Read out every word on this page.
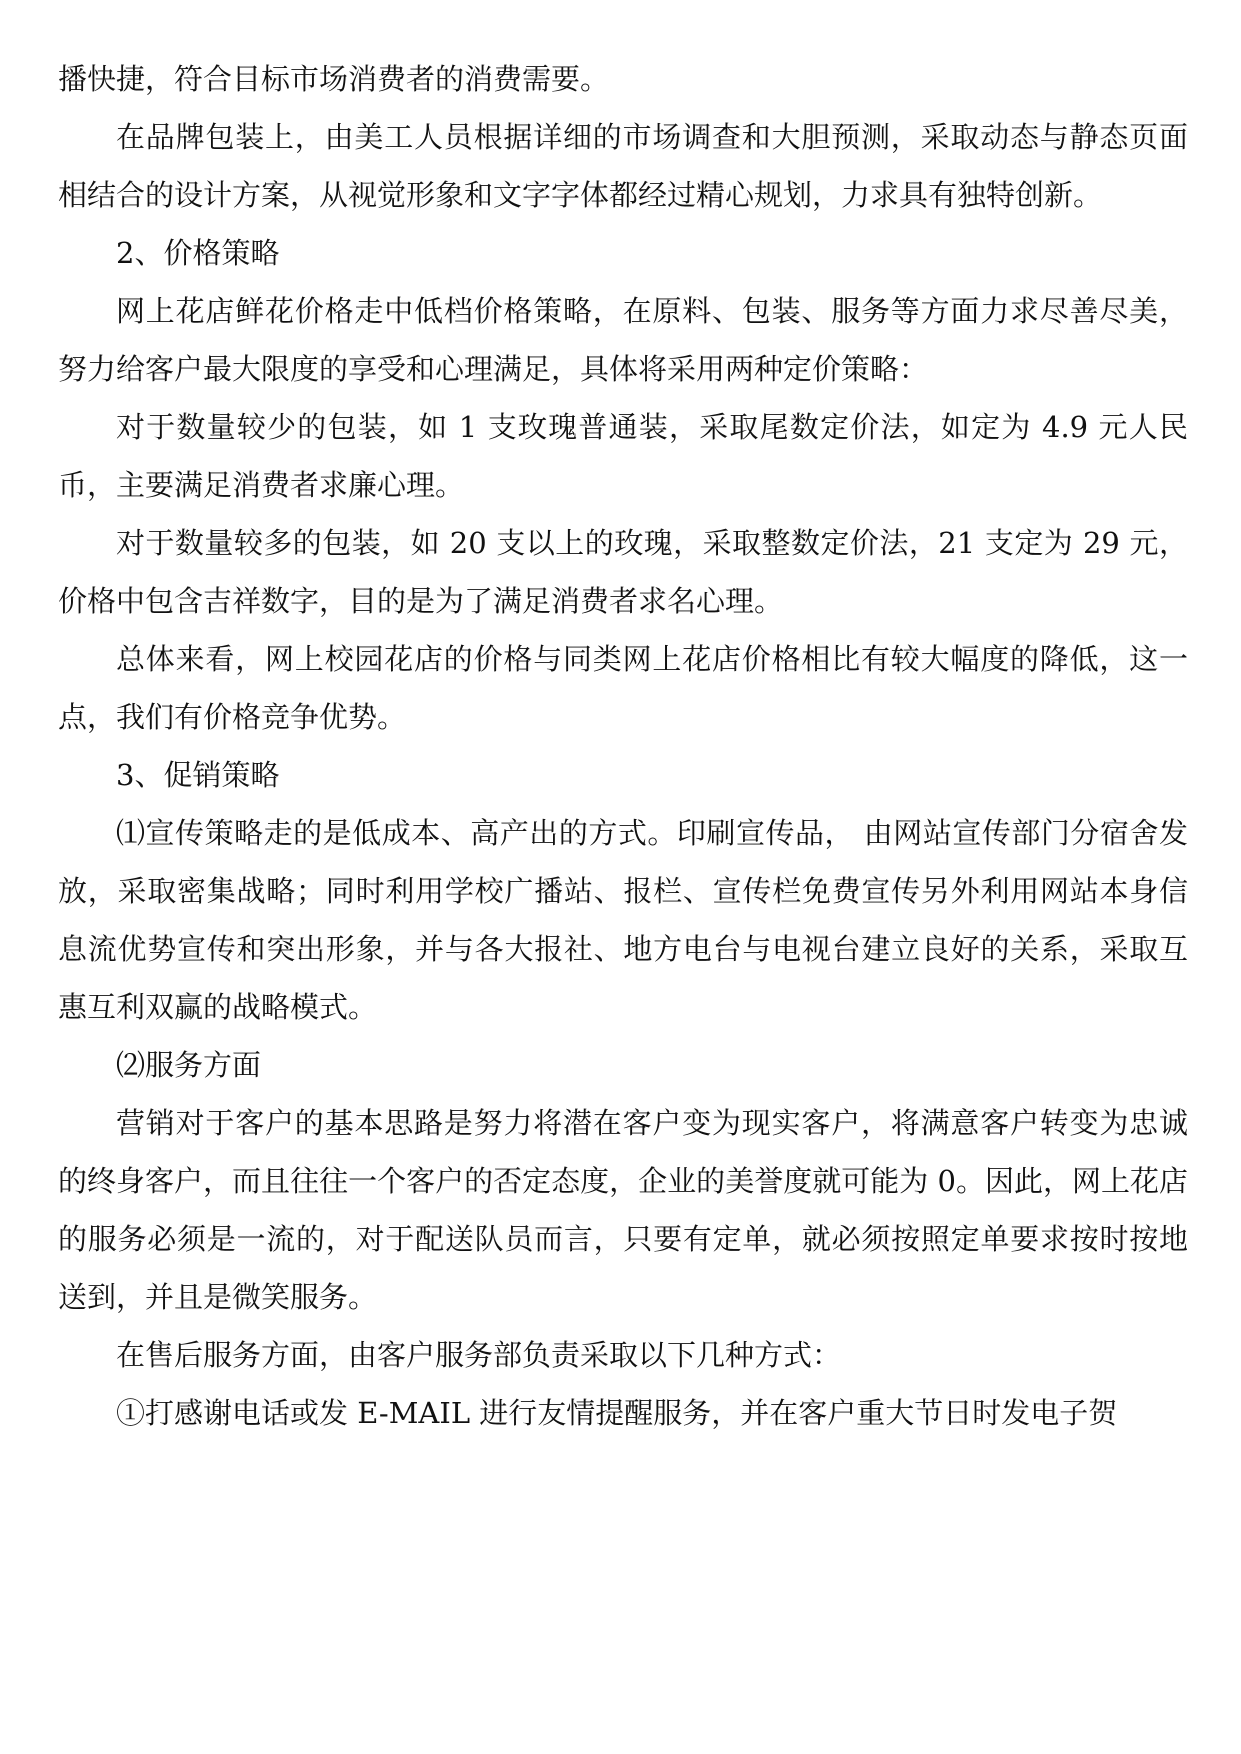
播快捷，符合目标市场消费者的消费需要。

在品牌包装上，由美工人员根据详细的市场调查和大胆预测，采取动态与静态页面相结合的设计方案，从视觉形象和文字字体都经过精心规划，力求具有独特创新。

2、价格策略

网上花店鲜花价格走中低档价格策略，在原料、包装、服务等方面力求尽善尽美，努力给客户最大限度的享受和心理满足，具体将采用两种定价策略：

对于数量较少的包装，如 1 支玫瑰普通装，采取尾数定价法，如定为 4.9 元人民币，主要满足消费者求廉心理。

对于数量较多的包装，如 20 支以上的玫瑰，采取整数定价法，21 支定为 29 元，价格中包含吉祥数字，目的是为了满足消费者求名心理。

总体来看，网上校园花店的价格与同类网上花店价格相比有较大幅度的降低，这一点，我们有价格竞争优势。

3、促销策略

⑴宣传策略走的是低成本、高产出的方式。印刷宣传品， 由网站宣传部门分宿舍发放，采取密集战略；同时利用学校广播站、报栏、宣传栏免费宣传另外利用网站本身信息流优势宣传和突出形象，并与各大报社、地方电台与电视台建立良好的关系，采取互惠互利双赢的战略模式。

⑵服务方面

营销对于客户的基本思路是努力将潜在客户变为现实客户，将满意客户转变为忠诚的终身客户，而且往往一个客户的否定态度，企业的美誉度就可能为 0。因此，网上花店的服务必须是一流的，对于配送队员而言，只要有定单，就必须按照定单要求按时按地送到，并且是微笑服务。

在售后服务方面，由客户服务部负责采取以下几种方式：

①打感谢电话或发 E-MAIL 进行友情提醒服务，并在客户重大节日时发电子贺
